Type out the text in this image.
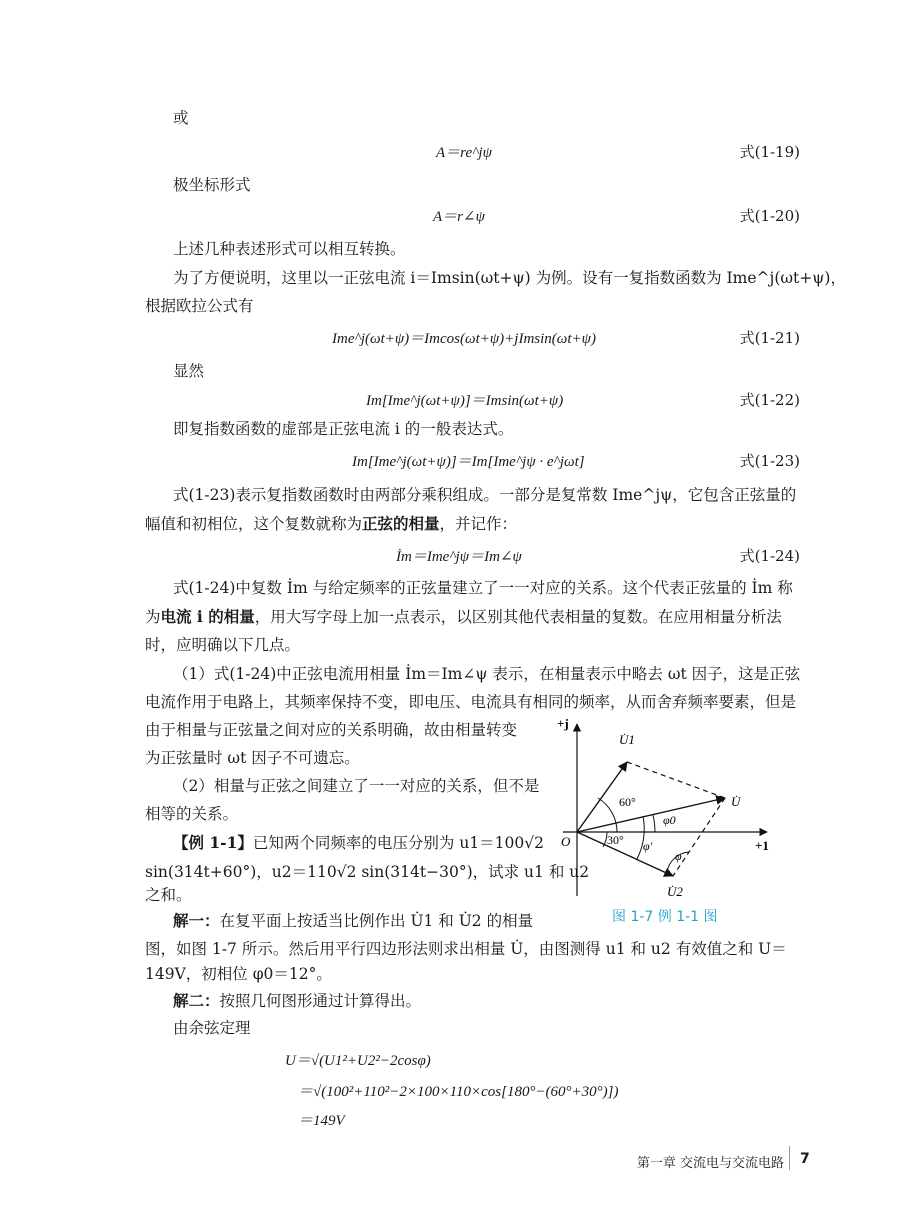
或
A＝re^jψ	式(1-19)
极坐标形式
A＝r∠ψ	式(1-20)
上述几种表述形式可以相互转换。
为了方便说明，这里以一正弦电流 i＝Imsin(ωt+ψ) 为例。设有一复指数函数为 Ime^j(ωt+ψ)，
根据欧拉公式有
Ime^j(ωt+ψ)＝Imcos(ωt+ψ)+jImsin(ωt+ψ)	式(1-21)
显然
Im[Ime^j(ωt+ψ)]＝Imsin(ωt+ψ)	式(1-22)
即复指数函数的虚部是正弦电流 i 的一般表达式。
Im[Ime^j(ωt+ψ)]＝Im[Ime^jψ · e^jωt]	式(1-23)
式(1-23)表示复指数函数时由两部分乘积组成。一部分是复常数 Ime^jψ，它包含正弦量的
幅值和初相位，这个复数就称为正弦的相量，并记作：
İm＝Ime^jψ＝Im∠ψ	式(1-24)
式(1-24)中复数 İm 与给定频率的正弦量建立了一一对应的关系。这个代表正弦量的 İm 称
为电流 i 的相量，用大写字母上加一点表示，以区别其他代表相量的复数。在应用相量分析法
时，应明确以下几点。
（1）式(1-24)中正弦电流用相量 İm＝Im∠ψ 表示，在相量表示中略去 ωt 因子，这是正弦
电流作用于电路上，其频率保持不变，即电压、电流具有相同的频率，从而舍弃频率要素，但是
由于相量与正弦量之间对应的关系明确，故由相量转变
为正弦量时 ωt 因子不可遗忘。
（2）相量与正弦之间建立了一一对应的关系，但不是
相等的关系。
【例 1-1】已知两个同频率的电压分别为 u1＝100√2
sin(314t+60°)，u2＝110√2 sin(314t−30°)，试求 u1 和 u2
之和。
解一：在复平面上按适当比例作出 U̇1 和 U̇2 的相量
图，如图 1-7 所示。然后用平行四边形法则求出相量 U̇，由图测得 u1 和 u2 有效值之和 U＝
149V，初相位 φ0＝12°。
解二：按照几何图形通过计算得出。
由余弦定理
U＝√(U1²+U2²−2cosφ)
＝√(100²+110²−2×100×110×cos[180°−(60°+30°)])
＝149V
+j
+1
O
U̇1
U̇
U̇2
60°
30°
φ0
φ'
φ
图 1-7 例 1-1 图
第一章 交流电与交流电路 7
